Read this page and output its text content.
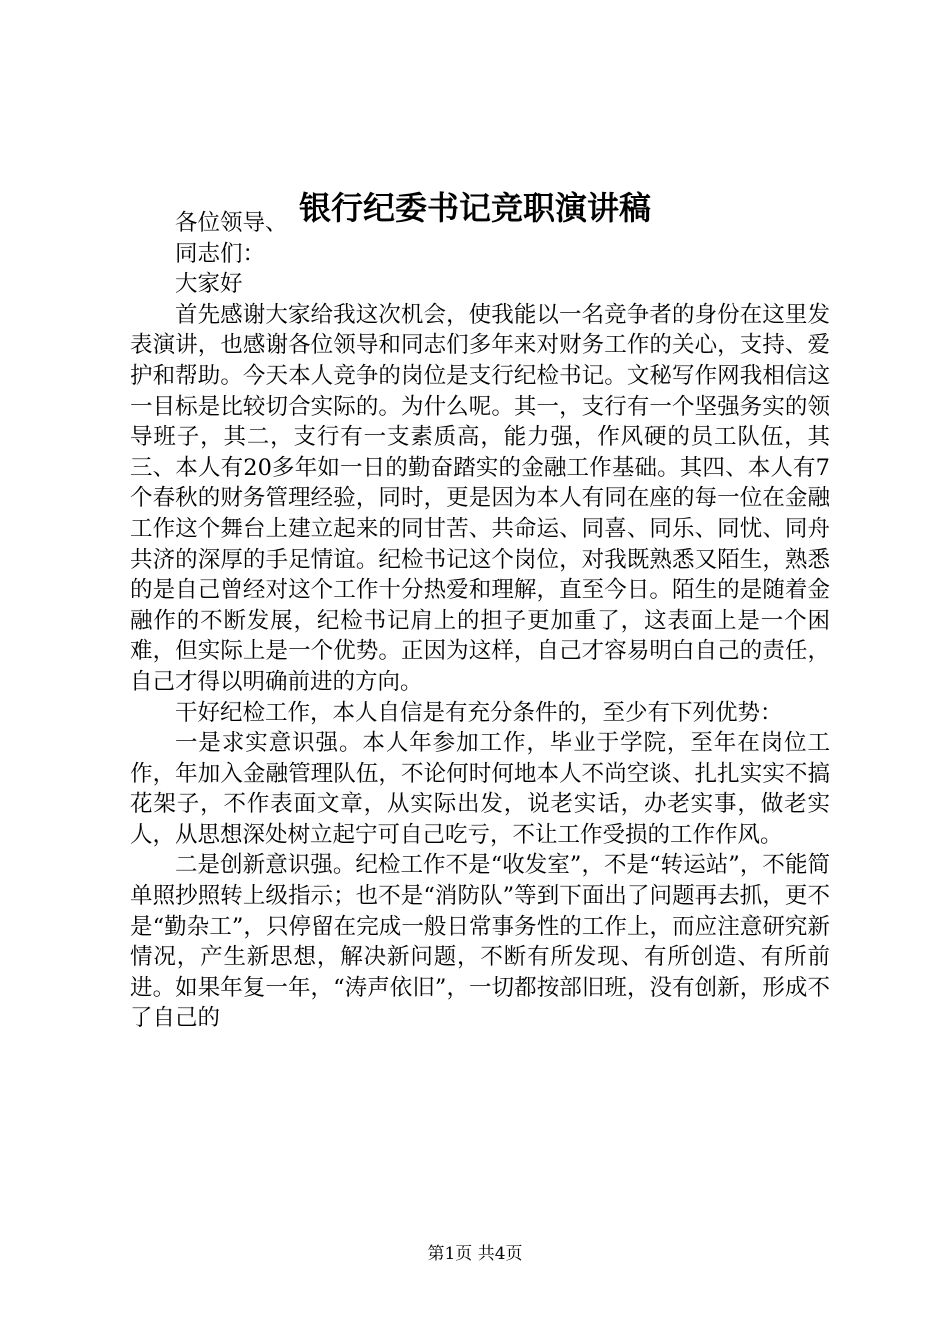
银行纪委书记竞职演讲稿

各位领导、

同志们：

大家好

首先感谢大家给我这次机会，使我能以一名竞争者的身份在这里发表演讲，也感谢各位领导和同志们多年来对财务工作的关心，支持、爱护和帮助。今天本人竞争的岗位是支行纪检书记。文秘写作网我相信这一目标是比较切合实际的。为什么呢。其一，支行有一个坚强务实的领导班子，其二，支行有一支素质高，能力强，作风硬的员工队伍，其三、本人有20多年如一日的勤奋踏实的金融工作基础。其四、本人有7个春秋的财务管理经验，同时，更是因为本人有同在座的每一位在金融工作这个舞台上建立起来的同甘苦、共命运、同喜、同乐、同忧、同舟共济的深厚的手足情谊。纪检书记这个岗位，对我既熟悉又陌生，熟悉的是自己曾经对这个工作十分热爱和理解，直至今日。陌生的是随着金融作的不断发展，纪检书记肩上的担子更加重了，这表面上是一个困难，但实际上是一个优势。正因为这样，自己才容易明白自己的责任，自己才得以明确前进的方向。

干好纪检工作，本人自信是有充分条件的，至少有下列优势：

一是求实意识强。本人年参加工作，毕业于学院，至年在岗位工作，年加入金融管理队伍，不论何时何地本人不尚空谈、扎扎实实不搞花架子，不作表面文章，从实际出发，说老实话，办老实事，做老实人，从思想深处树立起宁可自己吃亏，不让工作受损的工作作风。

二是创新意识强。纪检工作不是“收发室”，不是“转运站”，不能简单照抄照转上级指示；也不是“消防队”等到下面出了问题再去抓，更不是“勤杂工”，只停留在完成一般日常事务性的工作上，而应注意研究新情况，产生新思想，解决新问题，不断有所发现、有所创造、有所前进。如果年复一年，“涛声依旧”，一切都按部旧班，没有创新，形成不了自己的

第1页 共4页
